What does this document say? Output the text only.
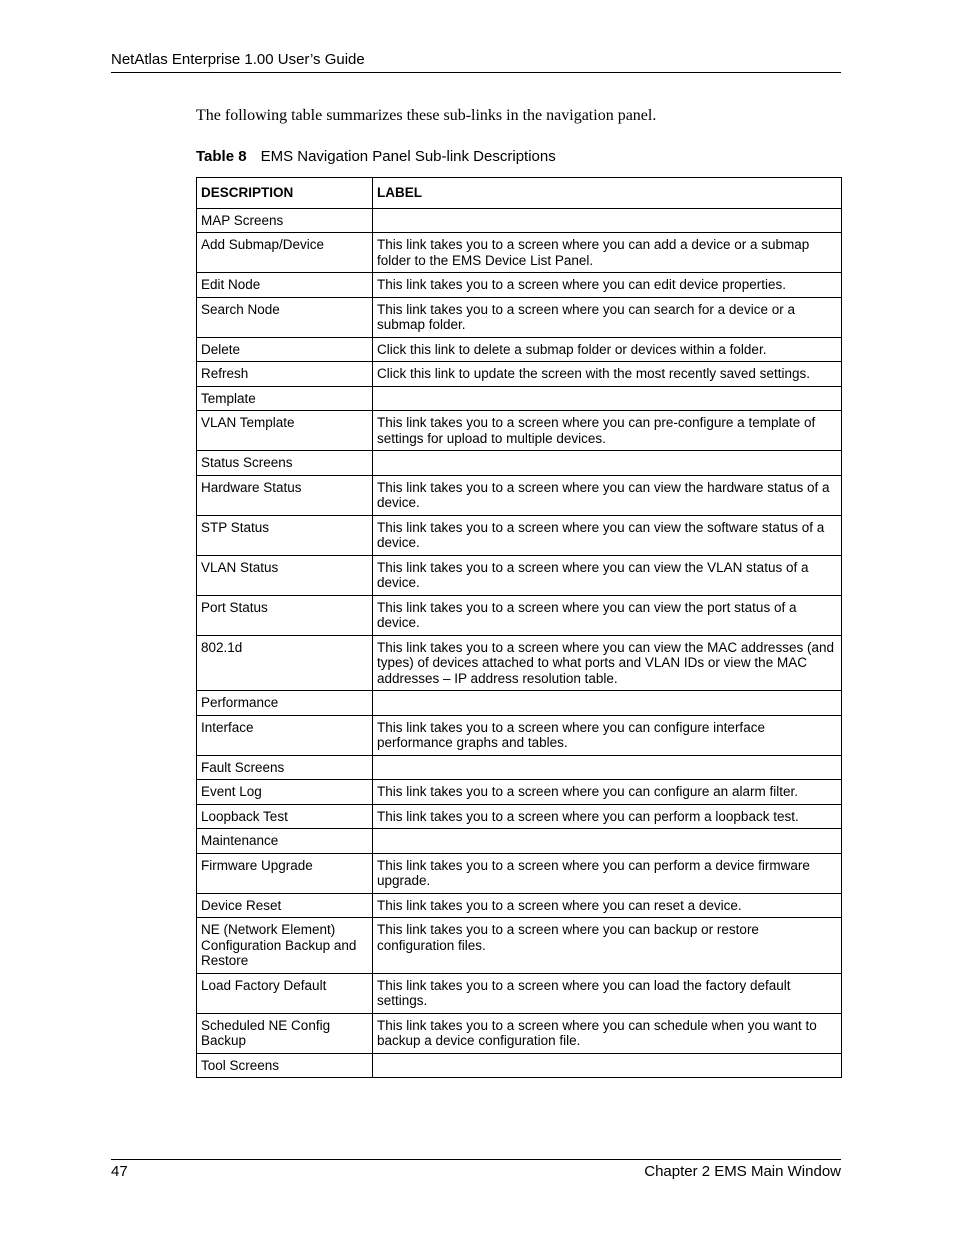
NetAtlas Enterprise 1.00 User’s Guide
The following table summarizes these sub-links in the navigation panel.
Table 8 EMS Navigation Panel Sub-link Descriptions
DESCRIPTION	LABEL
MAP Screens	
Add Submap/Device	This link takes you to a screen where you can add a device or a submap folder to the EMS Device List Panel.
Edit Node	This link takes you to a screen where you can edit device properties.
Search Node	This link takes you to a screen where you can search for a device or a submap folder.
Delete	Click this link to delete a submap folder or devices within a folder.
Refresh	Click this link to update the screen with the most recently saved settings.
Template	
VLAN Template	This link takes you to a screen where you can pre-configure a template of settings for upload to multiple devices.
Status Screens	
Hardware Status	This link takes you to a screen where you can view the hardware status of a device.
STP Status	This link takes you to a screen where you can view the software status of a device.
VLAN Status	This link takes you to a screen where you can view the VLAN status of a device.
Port Status	This link takes you to a screen where you can view the port status of a device.
802.1d	This link takes you to a screen where you can view the MAC addresses (and types) of devices attached to what ports and VLAN IDs or view the MAC addresses – IP address resolution table.
Performance	
Interface	This link takes you to a screen where you can configure interface performance graphs and tables.
Fault Screens	
Event Log	This link takes you to a screen where you can configure an alarm filter.
Loopback Test	This link takes you to a screen where you can perform a loopback test.
Maintenance	
Firmware Upgrade	This link takes you to a screen where you can perform a device firmware upgrade.
Device Reset	This link takes you to a screen where you can reset a device.
NE (Network Element) Configuration Backup and Restore	This link takes you to a screen where you can backup or restore configuration files.
Load Factory Default	This link takes you to a screen where you can load the factory default settings.
Scheduled NE Config Backup	This link takes you to a screen where you can schedule when you want to backup a device configuration file.
Tool Screens	
47	Chapter 2 EMS Main Window
